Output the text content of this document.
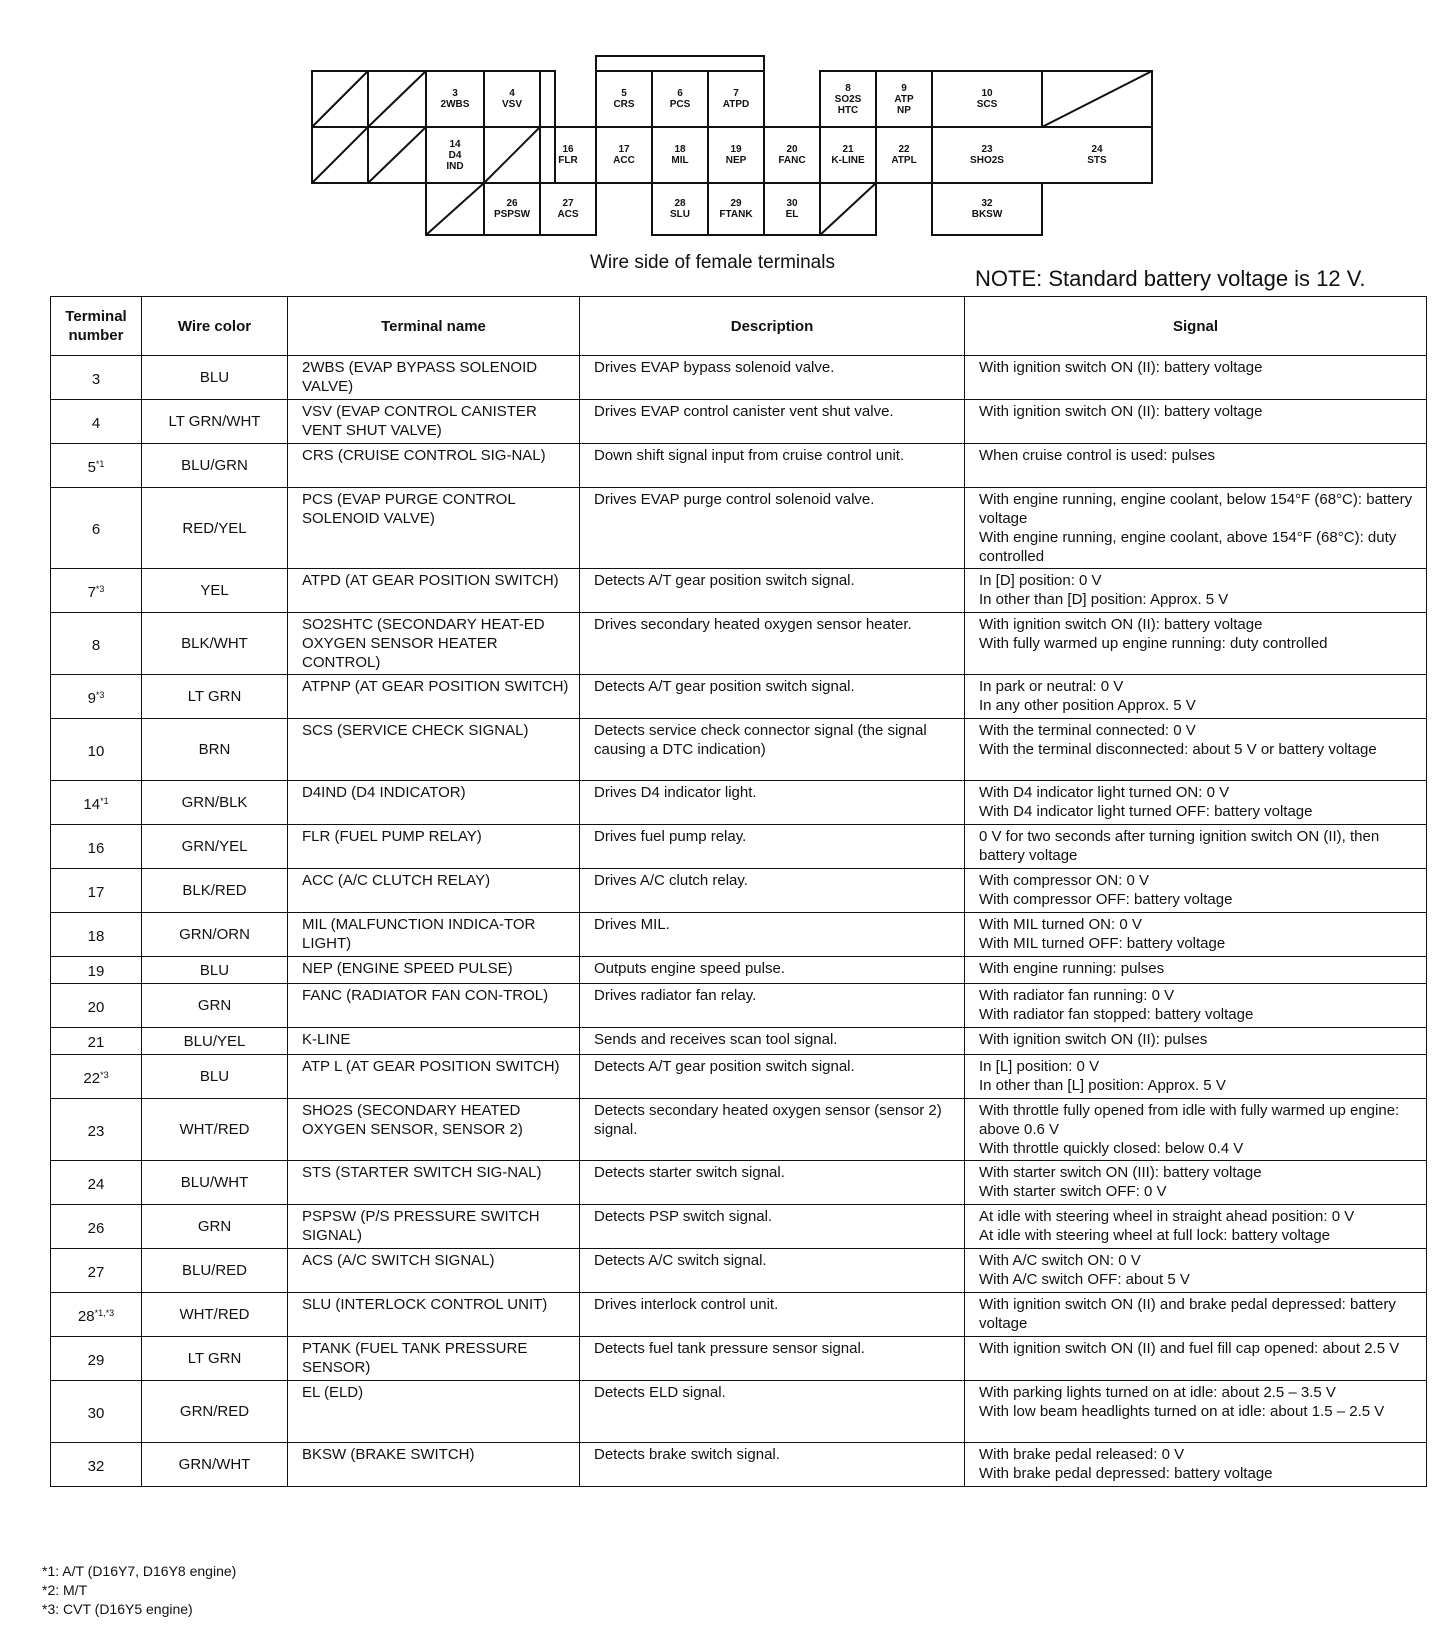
3
2WBS
4
VSV
5
CRS
6
PCS
7
ATPD
8
SO2S
HTC
9
ATP
NP
10
SCS
14
D4
IND
16
FLR
17
ACC
18
MIL
19
NEP
20
FANC
21
K-LINE
22
ATPL
23
SHO2S
24
STS
26
PSPSW
27
ACS
28
SLU
29
FTANK
30
EL
32
BKSW
Wire side of female terminals
NOTE: Standard battery voltage is 12 V.
Terminal number	Wire color	Terminal name	Description	Signal
3	BLU	2WBS (EVAP BYPASS SOLENOID VALVE)	Drives EVAP bypass solenoid valve.	With ignition switch ON (II): battery voltage

4	LT GRN/WHT	VSV (EVAP CONTROL CANISTER VENT SHUT VALVE)	Drives EVAP control canister vent shut valve.	With ignition switch ON (II): battery voltage

5$^{*1}$	BLU/GRN	CRS (CRUISE CONTROL SIG-NAL)	Down shift signal input from cruise control unit.	When cruise control is used: pulses

6	RED/YEL	PCS (EVAP PURGE CONTROL SOLENOID VALVE)	Drives EVAP purge control solenoid valve.	With engine running, engine coolant, below 154°F (68°C): battery voltage
With engine running, engine coolant, above 154°F (68°C): duty controlled

7$^{*3}$	YEL	ATPD (AT GEAR POSITION SWITCH)	Detects A/T gear position switch signal.	In [D] position: 0 V
In other than [D] position: Approx. 5 V

8	BLK/WHT	SO2SHTC (SECONDARY HEAT-ED OXYGEN SENSOR HEATER CONTROL)	Drives secondary heated oxygen sensor heater.	With ignition switch ON (II): battery voltage
With fully warmed up engine running: duty controlled

9$^{*3}$	LT GRN	ATPNP (AT GEAR POSITION SWITCH)	Detects A/T gear position switch signal.	In park or neutral: 0 V
In any other position Approx. 5 V

10	BRN	SCS (SERVICE CHECK SIGNAL)	Detects service check connector signal (the signal causing a DTC indication)	With the terminal connected: 0 V
With the terminal disconnected: about 5 V or battery voltage

14$^{*1}$	GRN/BLK	D4IND (D4 INDICATOR)	Drives D4 indicator light.	With D4 indicator light turned ON: 0 V
With D4 indicator light turned OFF: battery voltage

16	GRN/YEL	FLR (FUEL PUMP RELAY)	Drives fuel pump relay.	0 V for two seconds after turning ignition switch ON (II), then battery voltage

17	BLK/RED	ACC (A/C CLUTCH RELAY)	Drives A/C clutch relay.	With compressor ON: 0 V
With compressor OFF: battery voltage

18	GRN/ORN	MIL (MALFUNCTION INDICA-TOR LIGHT)	Drives MIL.	With MIL turned ON: 0 V
With MIL turned OFF: battery voltage

19	BLU	NEP (ENGINE SPEED PULSE)	Outputs engine speed pulse.	With engine running: pulses

20	GRN	FANC (RADIATOR FAN CON-TROL)	Drives radiator fan relay.	With radiator fan running: 0 V
With radiator fan stopped: battery voltage

21	BLU/YEL	K-LINE	Sends and receives scan tool signal.	With ignition switch ON (II): pulses

22$^{*3}$	BLU	ATP L (AT GEAR POSITION SWITCH)	Detects A/T gear position switch signal.	In [L] position: 0 V
In other than [L] position: Approx. 5 V

23	WHT/RED	SHO2S (SECONDARY HEATED OXYGEN SENSOR, SENSOR 2)	Detects secondary heated oxygen sensor (sensor 2) signal.	With throttle fully opened from idle with fully warmed up engine: above 0.6 V
With throttle quickly closed: below 0.4 V

24	BLU/WHT	STS (STARTER SWITCH SIG-NAL)	Detects starter switch signal.	With starter switch ON (III): battery voltage
With starter switch OFF: 0 V

26	GRN	PSPSW (P/S PRESSURE SWITCH SIGNAL)	Detects PSP switch signal.	At idle with steering wheel in straight ahead position: 0 V
At idle with steering wheel at full lock: battery voltage

27	BLU/RED	ACS (A/C SWITCH SIGNAL)	Detects A/C switch signal.	With A/C switch ON: 0 V
With A/C switch OFF: about 5 V

$28^{*1,*3}$	WHT/RED	SLU (INTERLOCK CONTROL UNIT)	Drives interlock control unit.	With ignition switch ON (II) and brake pedal depressed: battery voltage

29	LT GRN	PTANK (FUEL TANK PRESSURE SENSOR)	Detects fuel tank pressure sensor signal.	With ignition switch ON (II) and fuel fill cap opened: about 2.5 V

30	GRN/RED	EL (ELD)	Detects ELD signal.	With parking lights turned on at idle: about 2.5 – 3.5 V
With low beam headlights turned on at idle: about 1.5 – 2.5 V

32	GRN/WHT	BKSW (BRAKE SWITCH)	Detects brake switch signal.	With brake pedal released: 0 V
With brake pedal depressed: battery voltage
*1: A/T (D16Y7, D16Y8 engine)
*2: M/T
*3: CVT (D16Y5 engine)
